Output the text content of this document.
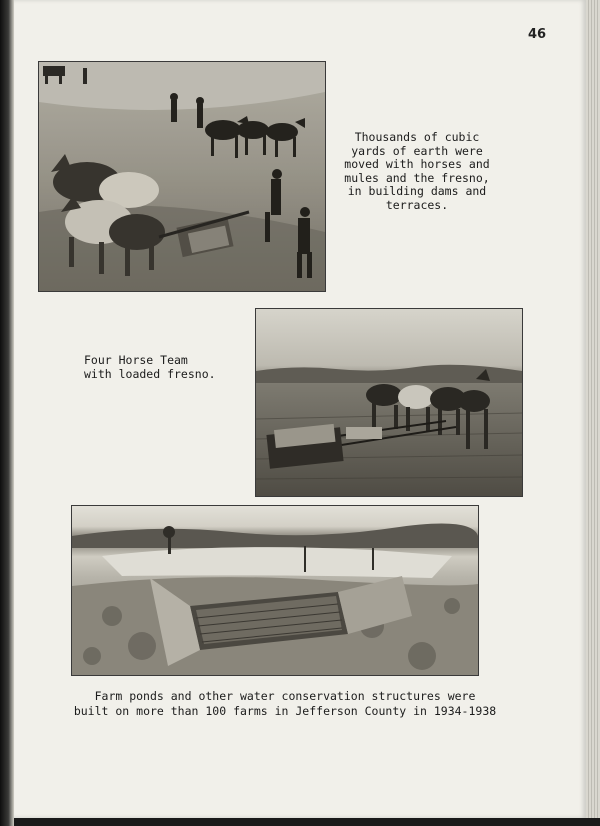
46
Thousands of cubic
yards of earth were
moved with horses and
mules and the fresno,
in building dams and
terraces.
Four Horse Team
with loaded fresno.
Farm ponds and other water conservation structures were
built on more than 100 farms in Jefferson County in 1934-1938
